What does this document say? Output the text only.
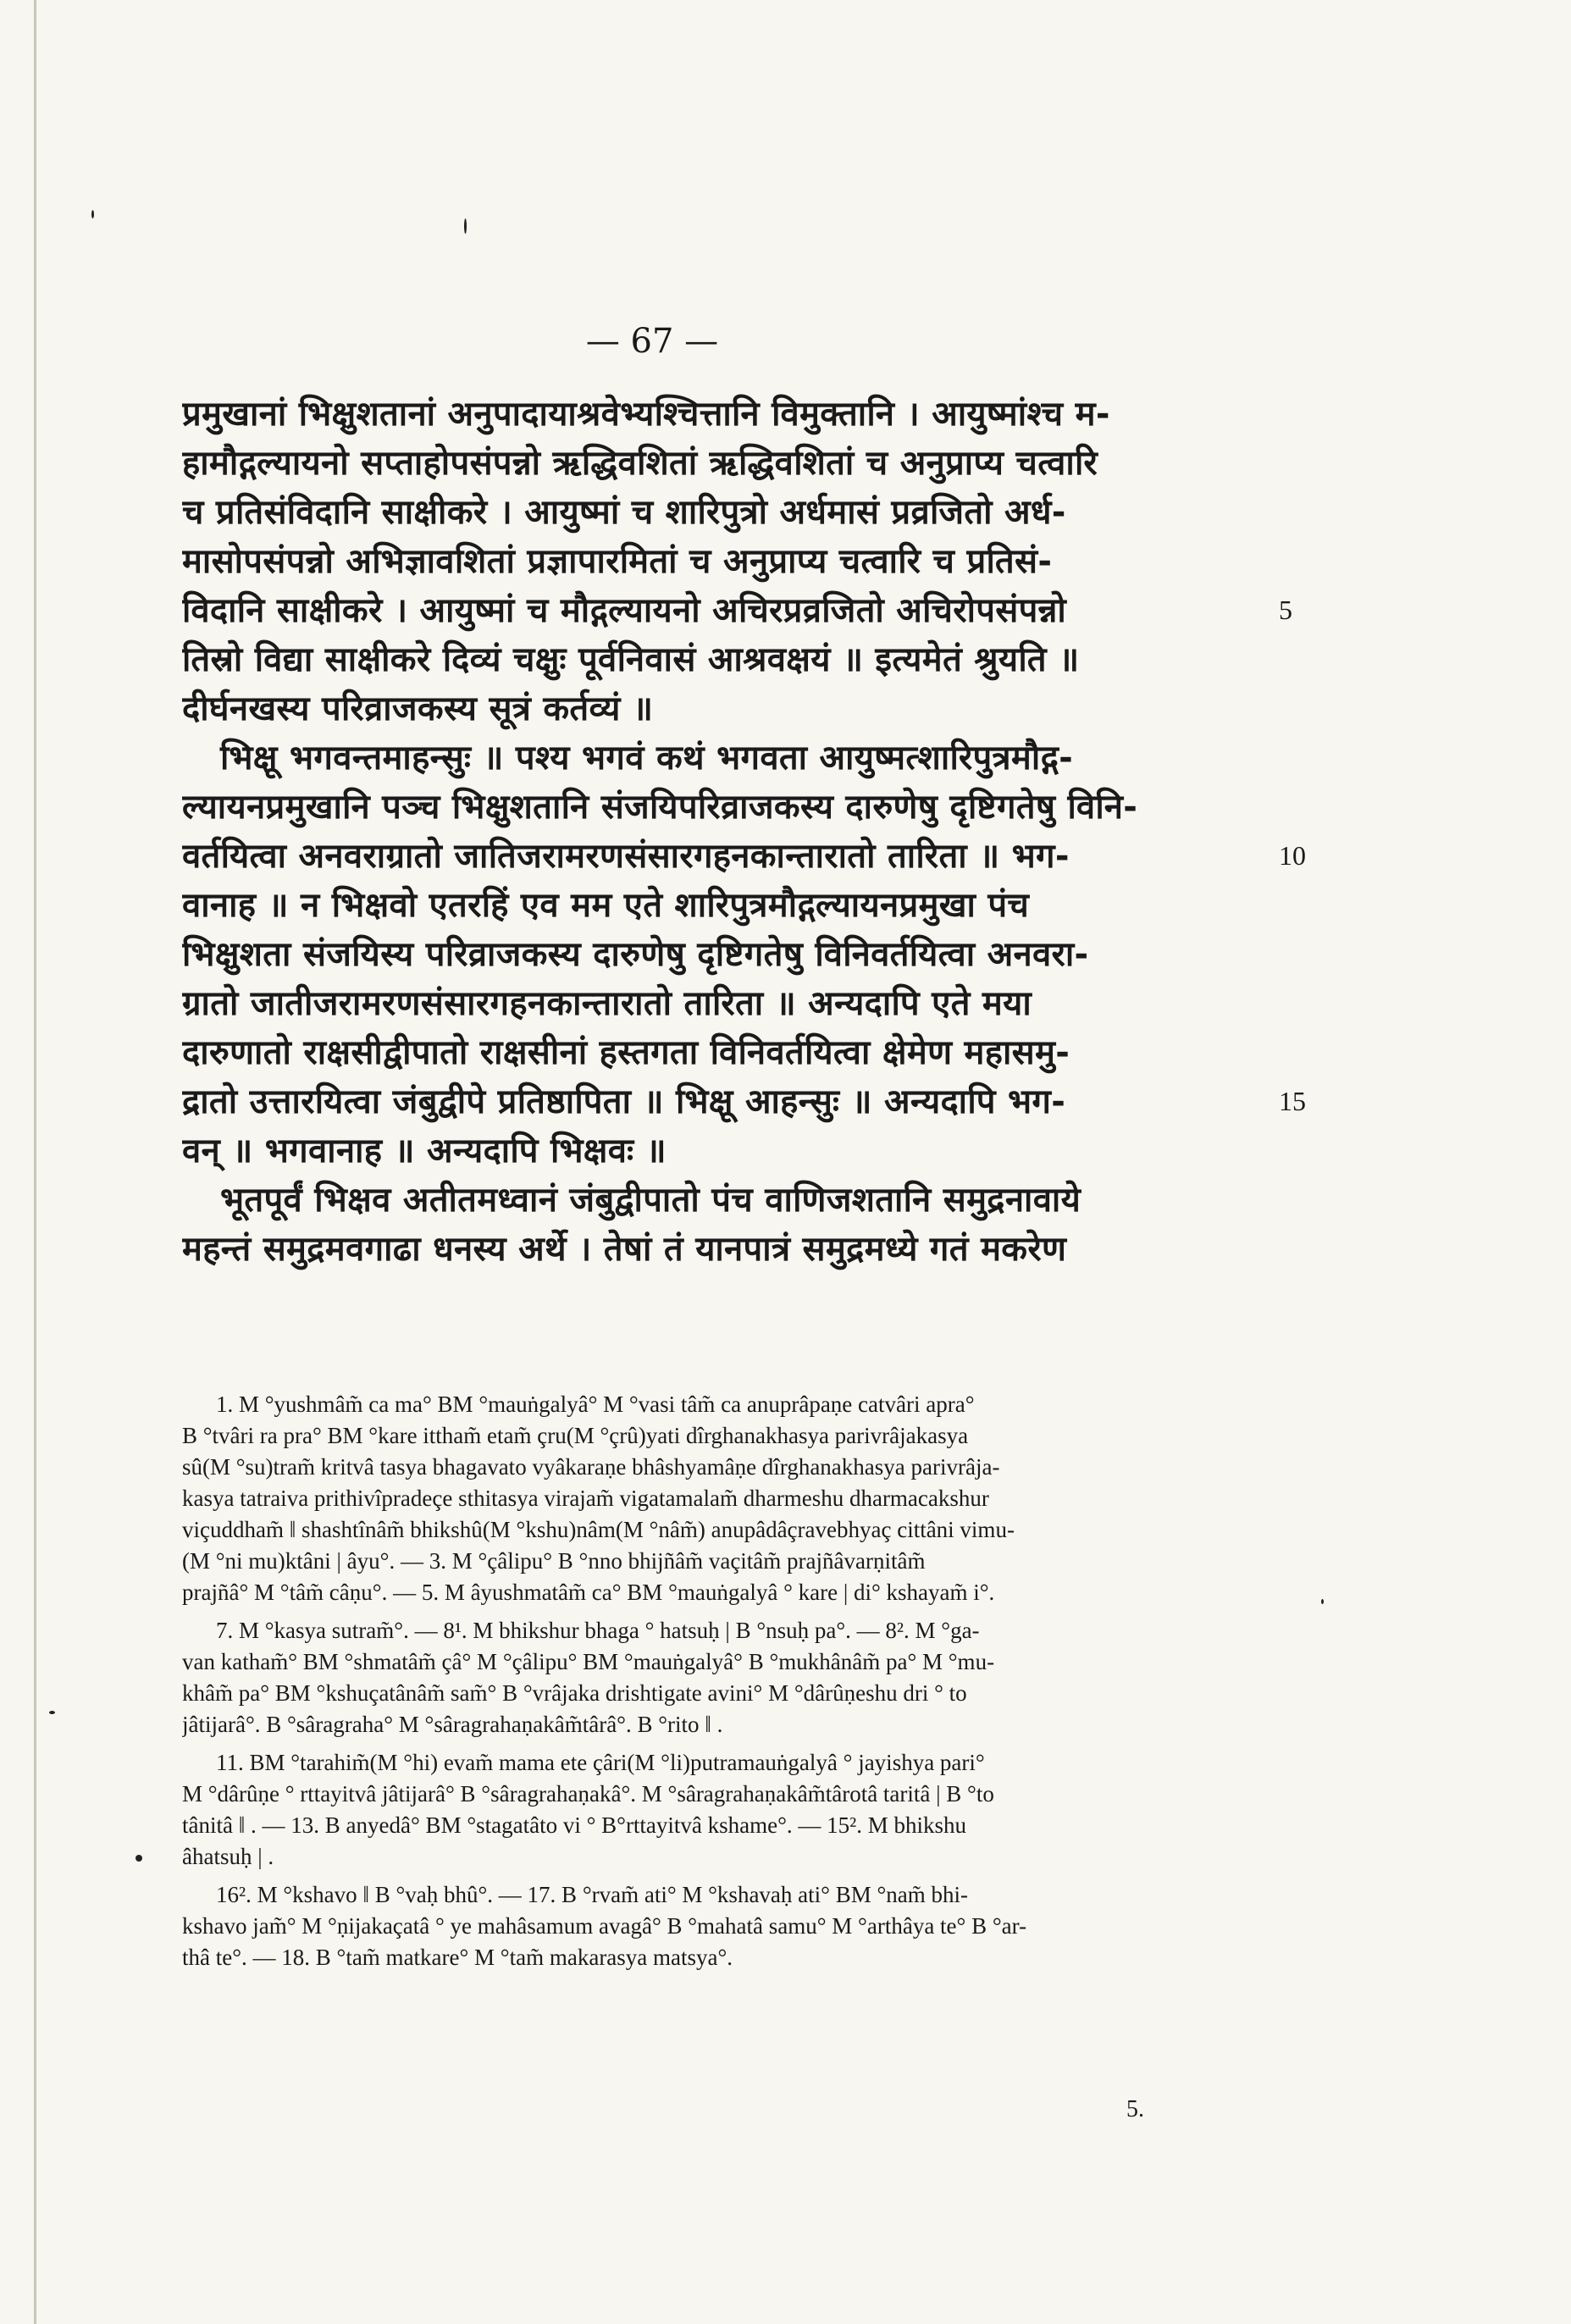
— 67 —
प्रमुखानां भिक्षुशतानां अनुपादायाश्रवेभ्यश्चित्तानि विमुक्तानि । आयुष्मांश्च म-
हामौद्गल्यायनो सप्ताहोपसंपन्नो ऋद्धिवशितां ऋद्धिवशितां च अनुप्राप्य चत्वारि
च प्रतिसंविदानि साक्षीकरे । आयुष्मां च शारिपुत्रो अर्धमासं प्रव्रजितो अर्ध-
मासोपसंपन्नो अभिज्ञावशितां प्रज्ञापारमितां च अनुप्राप्य चत्वारि च प्रतिसं-
विदानि साक्षीकरे । आयुष्मां च मौद्गल्यायनो अचिरप्रव्रजितो अचिरोपसंपन्नो
तिस्रो विद्या साक्षीकरे दिव्यं चक्षुः पूर्वनिवासं आश्रवक्षयं ॥ इत्यमेतं श्रुयति ॥
दीर्घनखस्य परिव्राजकस्य सूत्रं कर्तव्यं ॥
भिक्षू भगवन्तमाहन्सुः ॥ पश्य भगवं कथं भगवता आयुष्मत्शारिपुत्रमौद्ग-
ल्यायनप्रमुखानि पञ्च भिक्षुशतानि संजयिपरिव्राजकस्य दारुणेषु दृष्टिगतेषु विनि-
वर्तयित्वा अनवराग्रातो जातिजरामरणसंसारगहनकान्तारातो तारिता ॥ भग-
वानाह ॥ न भिक्षवो एतरहिं एव मम एते शारिपुत्रमौद्गल्यायनप्रमुखा पंच
भिक्षुशता संजयिस्य परिव्राजकस्य दारुणेषु दृष्टिगतेषु विनिवर्तयित्वा अनवरा-
ग्रातो जातीजरामरणसंसारगहनकान्तारातो तारिता ॥ अन्यदापि एते मया
दारुणातो राक्षसीद्वीपातो राक्षसीनां हस्तगता विनिवर्तयित्वा क्षेमेण महासमु-
द्रातो उत्तारयित्वा जंबुद्वीपे प्रतिष्ठापिता ॥ भिक्षू आहन्सुः ॥ अन्यदापि भग-
वन् ॥ भगवानाह ॥ अन्यदापि भिक्षवः ॥
भूतपूर्वं भिक्षव अतीतमध्वानं जंबुद्वीपातो पंच वाणिजशतानि समुद्रनावाये
महन्तं समुद्रमवगाढा धनस्य अर्थे । तेषां तं यानपात्रं समुद्रमध्ये गतं मकरेण
5
10
15
1. M °yushmâm̃ ca ma° BM °mauṅgalyâ° M °vasi tâm̃ ca anuprâpaṇe catvâri apra°
B °tvâri ra pra° BM °kare ittham̃ etam̃ çru(M °çrû)yati dîrghanakhasya parivrâjakasya
sû(M °su)tram̃ kritvâ tasya bhagavato vyâkaraṇe bhâshyamâṇe dîrghanakhasya parivrâja-
kasya tatraiva prithivîpradeçe sthitasya virajam̃ vigatamalam̃ dharmeshu dharmacakshur
viçuddham̃ ‖ shashtînâm̃ bhikshû(M °kshu)nâm(M °nâm̃) anupâdâçravebhyaç cittâni vimu-
(M °ni mu)ktâni | âyu°. — 3. M °çâlipu° B °nno bhijñâm̃ vaçitâm̃ prajñâvarṇitâm̃
prajñâ° M °tâm̃ câṇu°. — 5. M âyushmatâm̃ ca° BM °mauṅgalyâ ° kare | di° kshayam̃ i°.
7. M °kasya sutram̃°. — 8¹. M bhikshur bhaga ° hatsuḥ | B °nsuḥ pa°. — 8². M °ga-
van katham̃° BM °shmatâm̃ çâ° M °çâlipu° BM °mauṅgalyâ° B °mukhânâm̃ pa° M °mu-
khâm̃ pa° BM °kshuçatânâm̃ sam̃° B °vrâjaka drishtigate avini° M °dârûṇeshu dri ° to
jâtijarâ°. B °sâragraha° M °sâragrahaṇakâm̃târâ°. B °rito ‖ .
11. BM °tarahim̃(M °hi) evam̃ mama ete çâri(M °li)putramauṅgalyâ ° jayishya pari°
M °dârûṇe ° rttayitvâ jâtijarâ° B °sâragrahaṇakâ°. M °sâragrahaṇakâm̃târotâ taritâ | B °to
tânitâ ‖ . — 13. B anyedâ° BM °stagatâto vi ° B°rttayitvâ kshame°. — 15². M bhikshu
âhatsuḥ | .
16². M °kshavo ‖ B °vaḥ bhû°. — 17. B °rvam̃ ati° M °kshavaḥ ati° BM °nam̃ bhi-
kshavo jam̃° M °ṇijakaçatâ ° ye mahâsamum avagâ° B °mahatâ samu° M °arthâya te° B °ar-
thâ te°. — 18. B °tam̃ matkare° M °tam̃ makarasya matsya°.
5.
